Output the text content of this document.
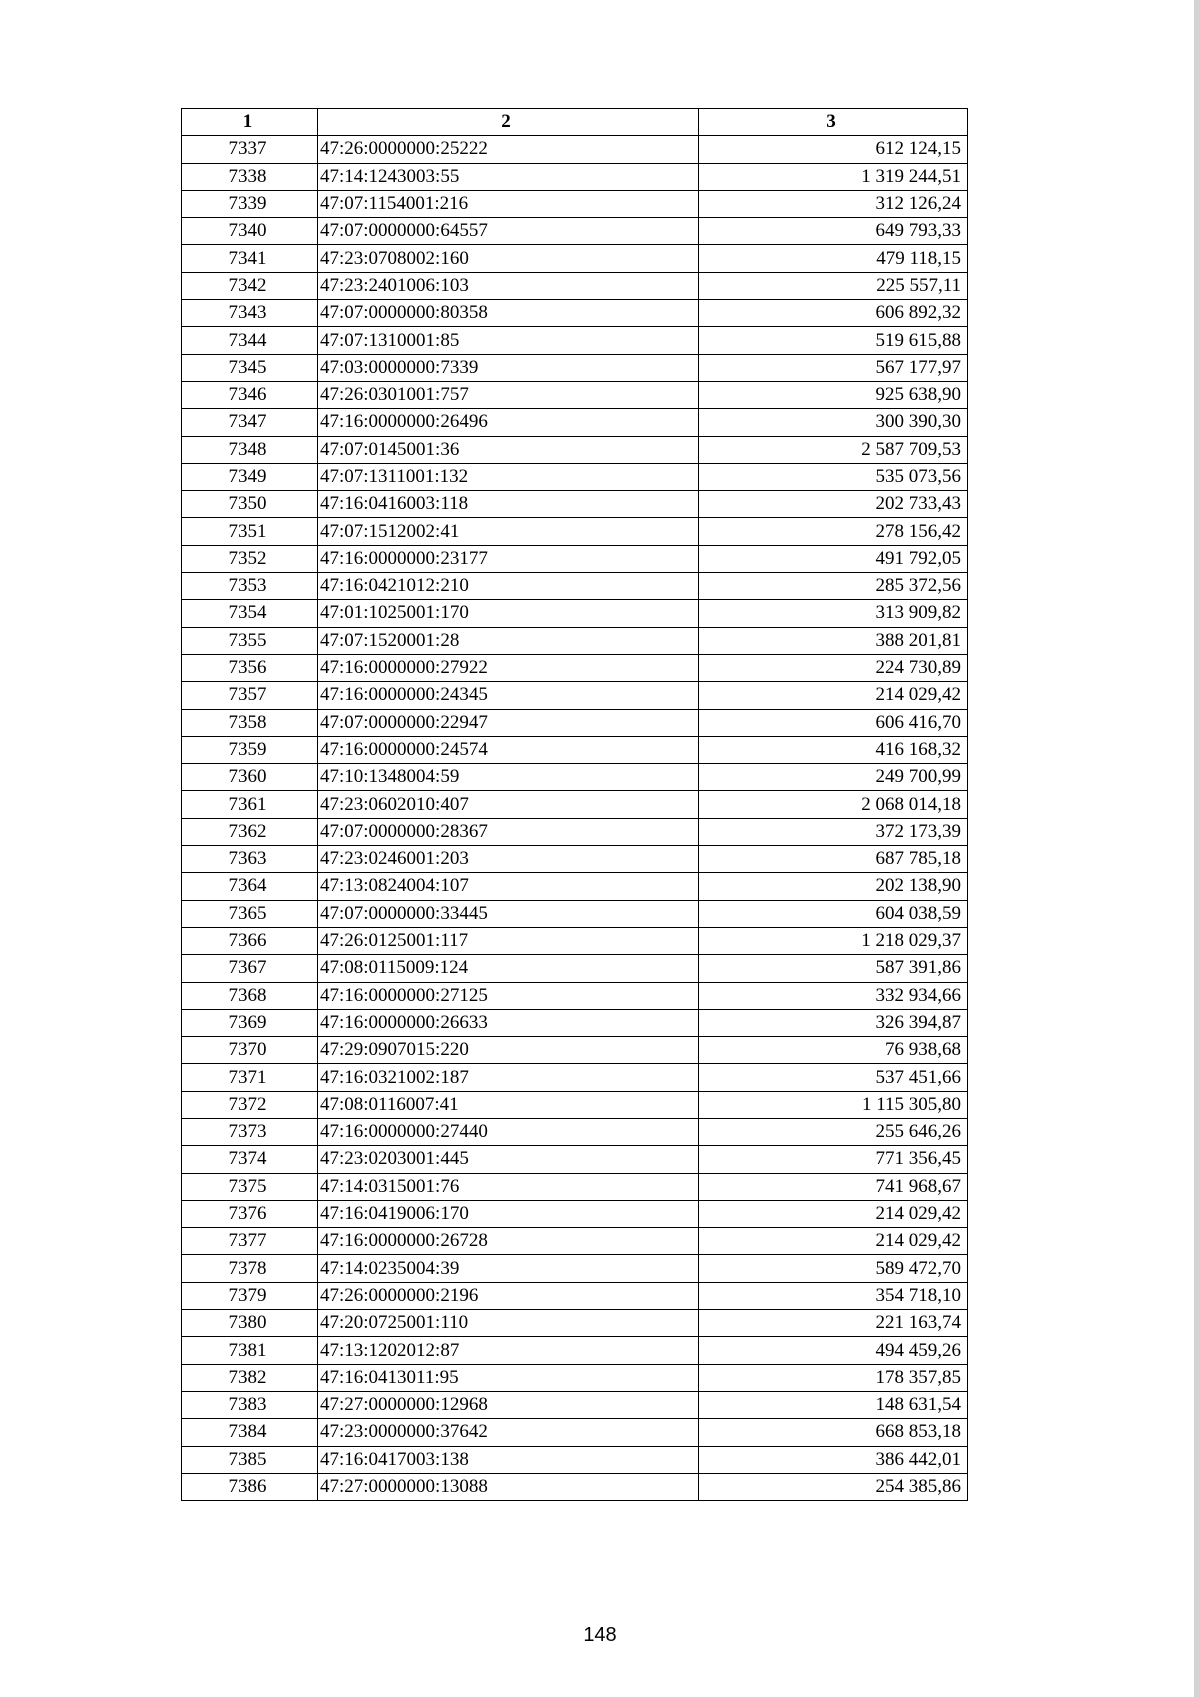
1	2	3
7337	47:26:0000000:25222	612 124,15
7338	47:14:1243003:55	1 319 244,51
7339	47:07:1154001:216	312 126,24
7340	47:07:0000000:64557	649 793,33
7341	47:23:0708002:160	479 118,15
7342	47:23:2401006:103	225 557,11
7343	47:07:0000000:80358	606 892,32
7344	47:07:1310001:85	519 615,88
7345	47:03:0000000:7339	567 177,97
7346	47:26:0301001:757	925 638,90
7347	47:16:0000000:26496	300 390,30
7348	47:07:0145001:36	2 587 709,53
7349	47:07:1311001:132	535 073,56
7350	47:16:0416003:118	202 733,43
7351	47:07:1512002:41	278 156,42
7352	47:16:0000000:23177	491 792,05
7353	47:16:0421012:210	285 372,56
7354	47:01:1025001:170	313 909,82
7355	47:07:1520001:28	388 201,81
7356	47:16:0000000:27922	224 730,89
7357	47:16:0000000:24345	214 029,42
7358	47:07:0000000:22947	606 416,70
7359	47:16:0000000:24574	416 168,32
7360	47:10:1348004:59	249 700,99
7361	47:23:0602010:407	2 068 014,18
7362	47:07:0000000:28367	372 173,39
7363	47:23:0246001:203	687 785,18
7364	47:13:0824004:107	202 138,90
7365	47:07:0000000:33445	604 038,59
7366	47:26:0125001:117	1 218 029,37
7367	47:08:0115009:124	587 391,86
7368	47:16:0000000:27125	332 934,66
7369	47:16:0000000:26633	326 394,87
7370	47:29:0907015:220	76 938,68
7371	47:16:0321002:187	537 451,66
7372	47:08:0116007:41	1 115 305,80
7373	47:16:0000000:27440	255 646,26
7374	47:23:0203001:445	771 356,45
7375	47:14:0315001:76	741 968,67
7376	47:16:0419006:170	214 029,42
7377	47:16:0000000:26728	214 029,42
7378	47:14:0235004:39	589 472,70
7379	47:26:0000000:2196	354 718,10
7380	47:20:0725001:110	221 163,74
7381	47:13:1202012:87	494 459,26
7382	47:16:0413011:95	178 357,85
7383	47:27:0000000:12968	148 631,54
7384	47:23:0000000:37642	668 853,18
7385	47:16:0417003:138	386 442,01
7386	47:27:0000000:13088	254 385,86
148
